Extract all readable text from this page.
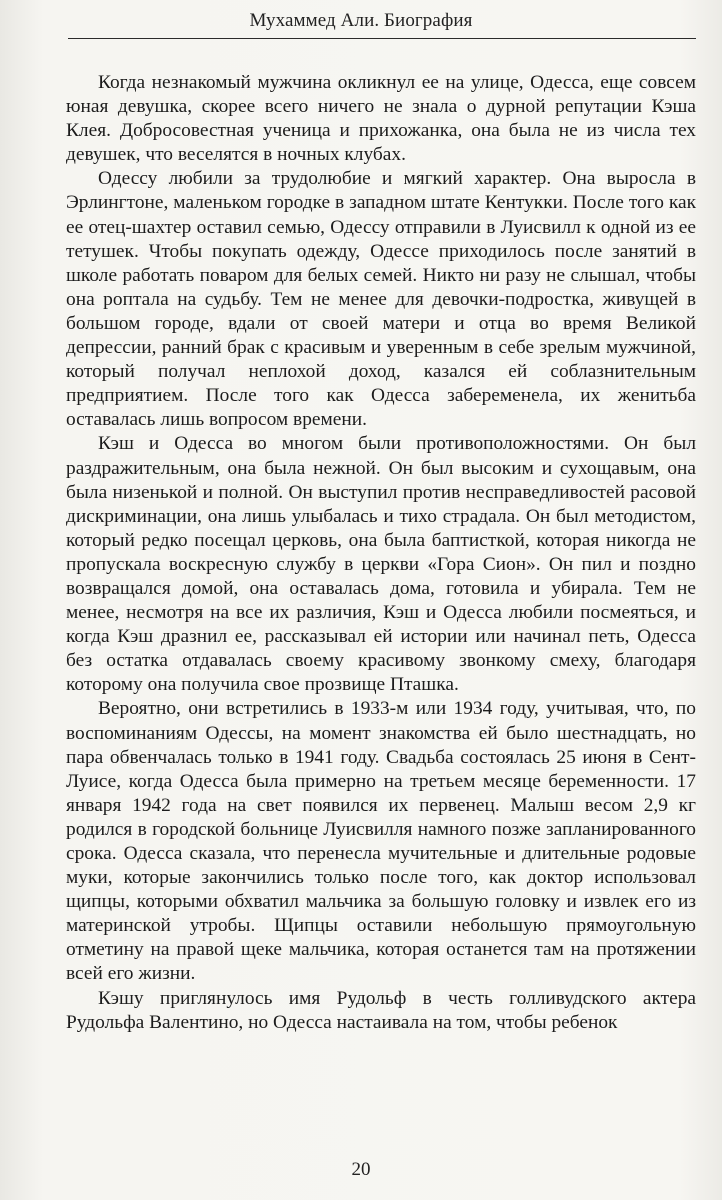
Мухаммед Али. Биография

Когда незнакомый мужчина окликнул ее на улице, Одесса, еще совсем юная девушка, скорее всего ничего не знала о дурной репутации Кэша Клея. Добросовестная ученица и прихожанка, она была не из числа тех девушек, что веселятся в ночных клубах.

Одессу любили за трудолюбие и мягкий характер. Она выросла в Эрлингтоне, маленьком городке в западном штате Кентукки. После того как ее отец-шахтер оставил семью, Одессу отправили в Луисвилл к одной из ее тетушек. Чтобы покупать одежду, Одессе приходилось после занятий в школе работать поваром для белых семей. Никто ни разу не слышал, чтобы она роптала на судьбу. Тем не менее для девочки-подростка, живущей в большом городе, вдали от своей матери и отца во время Великой депрессии, ранний брак с красивым и уверенным в себе зрелым мужчиной, который получал неплохой доход, казался ей соблазнительным предприятием. После того как Одесса забеременела, их женитьба оставалась лишь вопросом времени.

Кэш и Одесса во многом были противоположностями. Он был раздражительным, она была нежной. Он был высоким и сухощавым, она была низенькой и полной. Он выступил против несправедливостей расовой дискриминации, она лишь улыбалась и тихо страдала. Он был методистом, который редко посещал церковь, она была баптисткой, которая никогда не пропускала воскресную службу в церкви «Гора Сион». Он пил и поздно возвращался домой, она оставалась дома, готовила и убирала. Тем не менее, несмотря на все их различия, Кэш и Одесса любили посмеяться, и когда Кэш дразнил ее, рассказывал ей истории или начинал петь, Одесса без остатка отдавалась своему красивому звонкому смеху, благодаря которому она получила свое прозвище Пташка.

Вероятно, они встретились в 1933-м или 1934 году, учитывая, что, по воспоминаниям Одессы, на момент знакомства ей было шестнадцать, но пара обвенчалась только в 1941 году. Свадьба состоялась 25 июня в Сент-Луисе, когда Одесса была примерно на третьем месяце беременности. 17 января 1942 года на свет появился их первенец. Малыш весом 2,9 кг родился в городской больнице Луисвилля намного позже запланированного срока. Одесса сказала, что перенесла мучительные и длительные родовые муки, которые закончились только после того, как доктор использовал щипцы, которыми обхватил мальчика за большую головку и извлек его из материнской утробы. Щипцы оставили небольшую прямоугольную отметину на правой щеке мальчика, которая останется там на протяжении всей его жизни.

Кэшу приглянулось имя Рудольф в честь голливудского актера Рудольфа Валентино, но Одесса настаивала на том, чтобы ребенок

20
